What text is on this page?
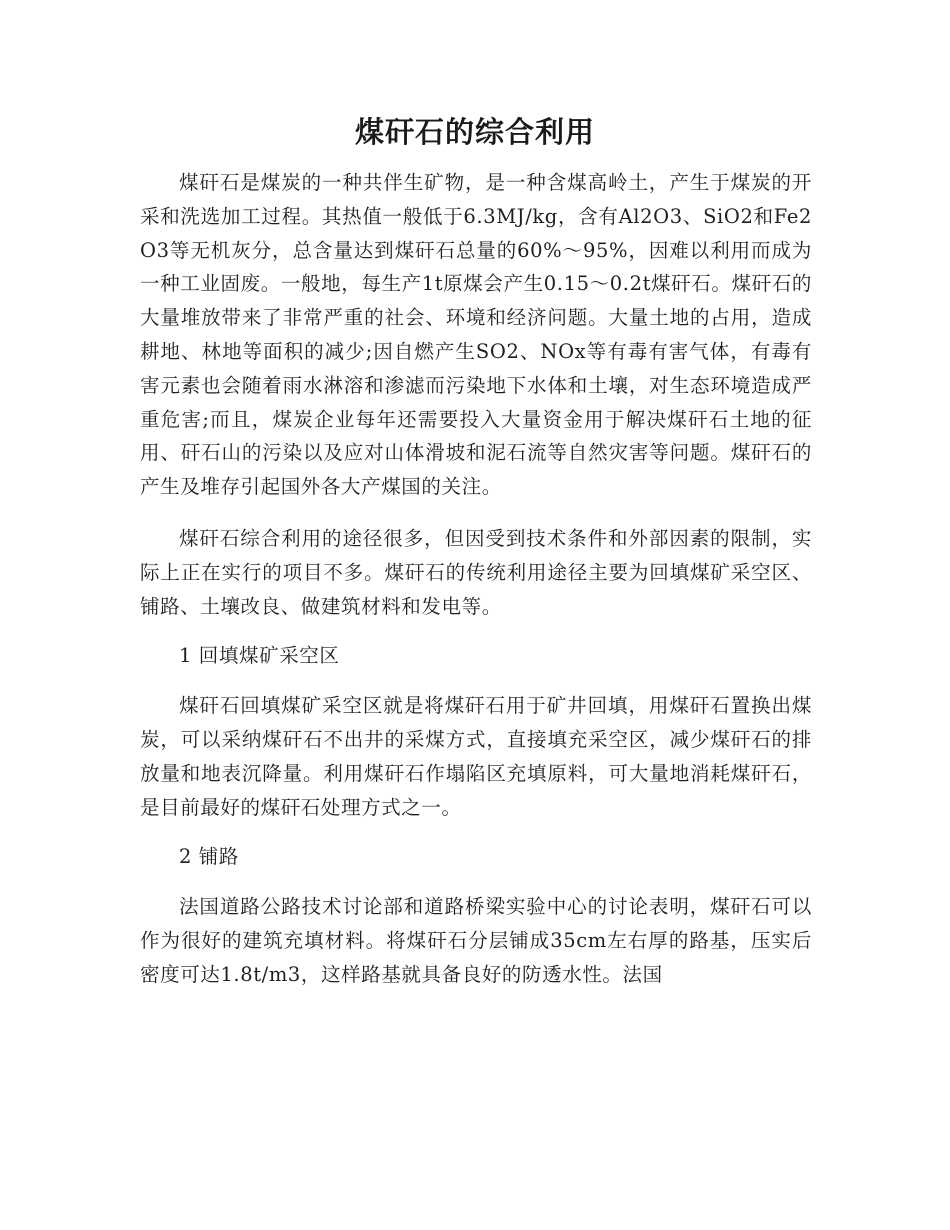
煤矸石的综合利用

煤矸石是煤炭的一种共伴生矿物，是一种含煤高岭土，产生于煤炭的开采和洗选加工过程。其热值一般低于6.3MJ/kg，含有Al2O3、SiO2和Fe2O3等无机灰分，总含量达到煤矸石总量的60%～95%，因难以利用而成为一种工业固废。一般地，每生产1t原煤会产生0.15～0.2t煤矸石。煤矸石的大量堆放带来了非常严重的社会、环境和经济问题。大量土地的占用，造成耕地、林地等面积的减少;因自燃产生SO2、NOx等有毒有害气体，有毒有害元素也会随着雨水淋溶和渗滤而污染地下水体和土壤，对生态环境造成严重危害;而且，煤炭企业每年还需要投入大量资金用于解决煤矸石土地的征用、矸石山的污染以及应对山体滑坡和泥石流等自然灾害等问题。煤矸石的产生及堆存引起国外各大产煤国的关注。

煤矸石综合利用的途径很多，但因受到技术条件和外部因素的限制，实际上正在实行的项目不多。煤矸石的传统利用途径主要为回填煤矿采空区、铺路、土壤改良、做建筑材料和发电等。

1 回填煤矿采空区

煤矸石回填煤矿采空区就是将煤矸石用于矿井回填，用煤矸石置换出煤炭，可以采纳煤矸石不出井的采煤方式，直接填充采空区，减少煤矸石的排放量和地表沉降量。利用煤矸石作塌陷区充填原料，可大量地消耗煤矸石，是目前最好的煤矸石处理方式之一。

2 铺路

法国道路公路技术讨论部和道路桥梁实验中心的讨论表明，煤矸石可以作为很好的建筑充填材料。将煤矸石分层铺成35cm左右厚的路基，压实后密度可达1.8t/m3，这样路基就具备良好的防透水性。法国
